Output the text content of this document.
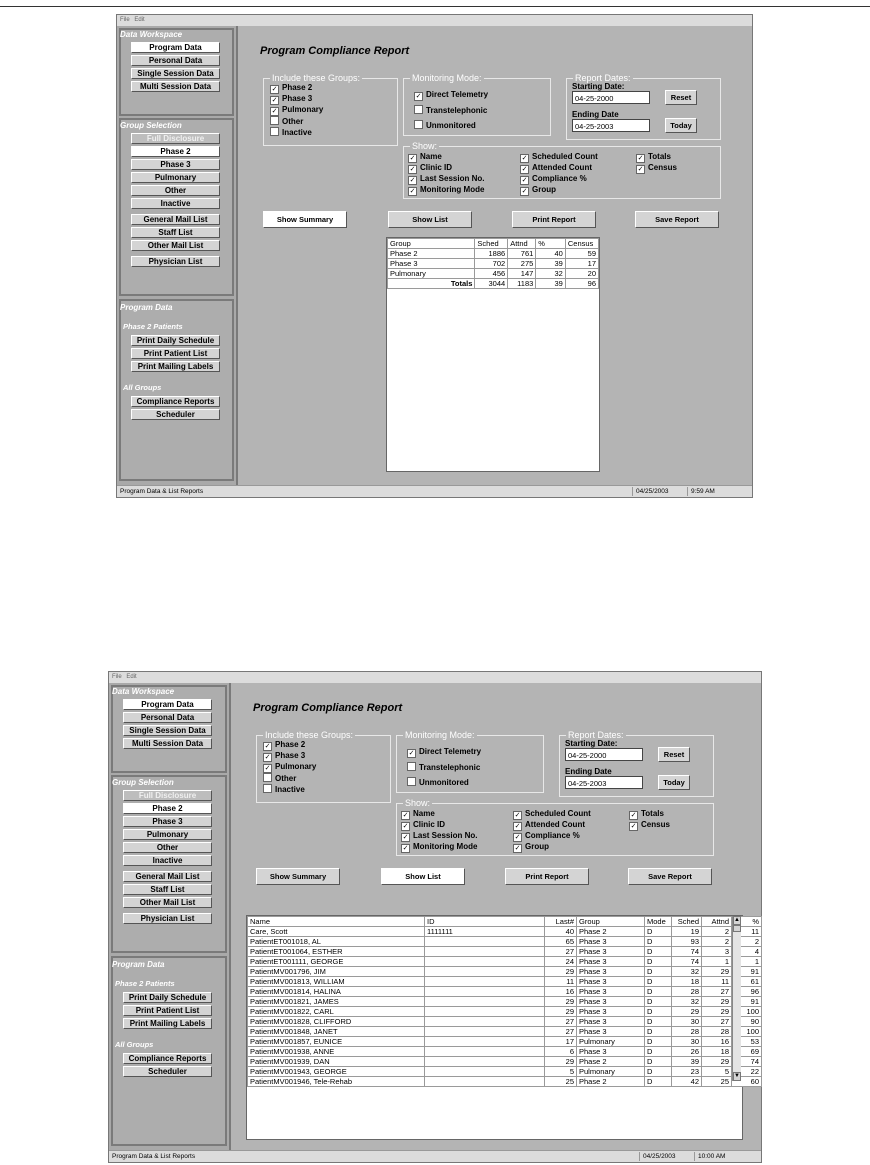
File Edit
Data Workspace
Program Data
Personal Data
Single Session Data
Multi Session Data
Group Selection
Full Disclosure
Phase 2
Phase 3
Pulmonary
Other
Inactive
General Mail List
Staff List
Other Mail List
Physician List
Program Data
Phase 2 Patients
Print Daily Schedule
Print Patient List
Print Mailing Labels
All Groups
Compliance Reports
Scheduler
Program Compliance Report
Include these Groups:
✓ Phase 2
✓ Phase 3
✓ Pulmonary
Other
Inactive
Monitoring Mode:
✓ Direct Telemetry
Transtelephonic
Unmonitored
Report Dates:
Starting Date:
04-25-2000	Reset
Ending Date
04-25-2003	Today
Show:
✓ Name
✓ Clinic ID
✓ Last Session No.
✓ Monitoring Mode
✓ Scheduled Count
✓ Attended Count
✓ Compliance %
✓ Group
✓ Totals
✓ Census
Show Summary	Show List	Print Report	Save Report
Group	Sched	Attnd	%	Census
Phase 2	1886	761	40	59
Phase 3	702	275	39	17
Pulmonary	456	147	32	20
Totals	3044	1183	39	96
Program Data & List Reports	04/25/2003	9:59 AM
File Edit
Data Workspace
Program Data
Personal Data
Single Session Data
Multi Session Data
Group Selection
Full Disclosure
Phase 2
Phase 3
Pulmonary
Other
Inactive
General Mail List
Staff List
Other Mail List
Physician List
Program Data
Phase 2 Patients
Print Daily Schedule
Print Patient List
Print Mailing Labels
All Groups
Compliance Reports
Scheduler
Program Compliance Report
Include these Groups:
✓ Phase 2
✓ Phase 3
✓ Pulmonary
Other
Inactive
Monitoring Mode:
✓ Direct Telemetry
Transtelephonic
Unmonitored
Report Dates:
Starting Date:
04-25-2000	Reset
Ending Date
04-25-2003	Today
Show:
✓ Name
✓ Clinic ID
✓ Last Session No.
✓ Monitoring Mode
✓ Scheduled Count
✓ Attended Count
✓ Compliance %
✓ Group
✓ Totals
✓ Census
Show Summary	Show List	Print Report	Save Report
Name	ID	Last#	Group	Mode	Sched	Attnd	%
Care, Scott	1111111	40	Phase 2	D	19	2	11
PatientET001018, AL		65	Phase 3	D	93	2	2
PatientET001064, ESTHER		27	Phase 3	D	74	3	4
PatientET001111, GEORGE		24	Phase 3	D	74	1	1
PatientMV001796, JIM		29	Phase 3	D	32	29	91
PatientMV001813, WILLIAM		11	Phase 3	D	18	11	61
PatientMV001814, HALINA		16	Phase 3	D	28	27	96
PatientMV001821, JAMES		29	Phase 3	D	32	29	91
PatientMV001822, CARL		29	Phase 3	D	29	29	100
PatientMV001828, CLIFFORD		27	Phase 3	D	30	27	90
PatientMV001848, JANET		27	Phase 3	D	28	28	100
PatientMV001857, EUNICE		17	Pulmonary	D	30	16	53
PatientMV001938, ANNE		6	Phase 3	D	26	18	69
PatientMV001939, DAN		29	Phase 2	D	39	29	74
PatientMV001943, GEORGE		5	Pulmonary	D	23	5	22
PatientMV001946, Tele-Rehab		25	Phase 2	D	42	25	60
▲
▼
Program Data & List Reports	04/25/2003	10:00 AM
